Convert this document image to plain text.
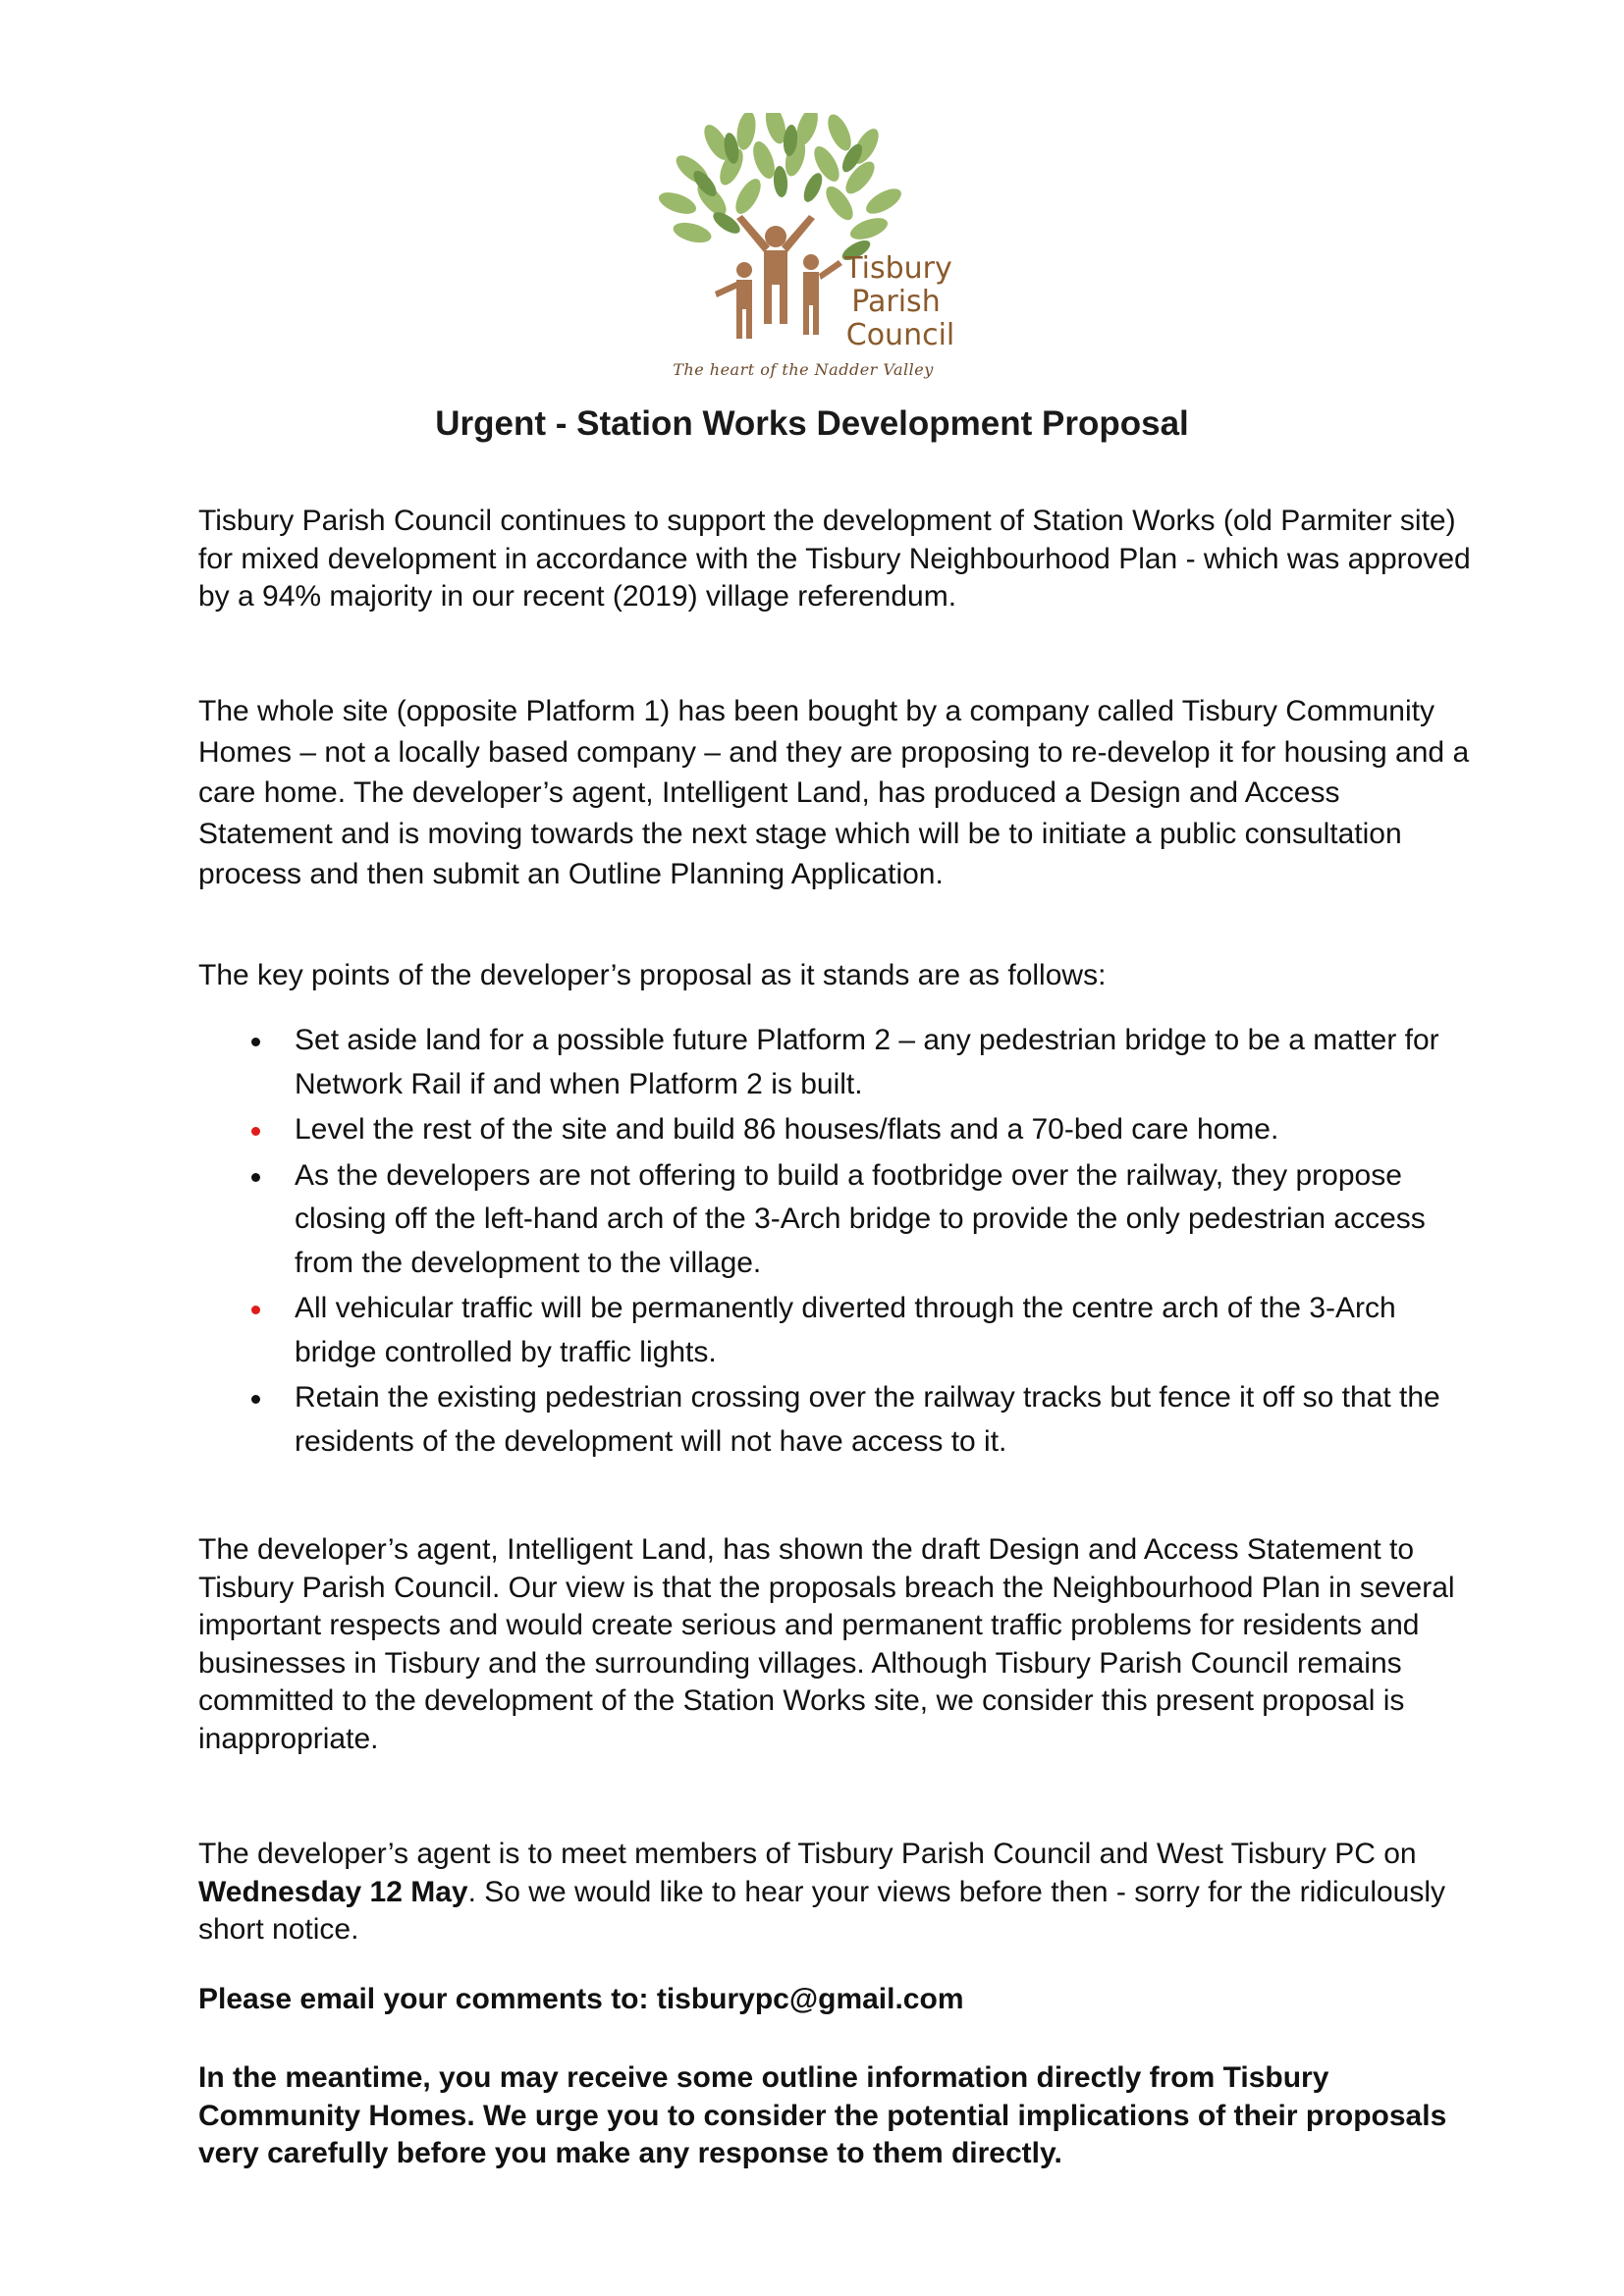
Tisbury
Parish
Council
The heart of the Nadder Valley
Urgent - Station Works Development Proposal

Tisbury Parish Council continues to support the development of Station Works (old Parmiter site) for mixed development in accordance with the Tisbury Neighbourhood Plan - which was approved by a 94% majority in our recent (2019) village referendum.

The whole site (opposite Platform 1) has been bought by a company called Tisbury Community Homes – not a locally based company – and they are proposing to re-develop it for housing and a care home. The developer’s agent, Intelligent Land, has produced a Design and Access Statement and is moving towards the next stage which will be to initiate a public consultation process and then submit an Outline Planning Application.

The key points of the developer’s proposal as it stands are as follows:

Set aside land for a possible future Platform 2 – any pedestrian bridge to be a matter for Network Rail if and when Platform 2 is built.
Level the rest of the site and build 86 houses/flats and a 70-bed care home.
As the developers are not offering to build a footbridge over the railway, they propose closing off the left-hand arch of the 3-Arch bridge to provide the only pedestrian access from the development to the village.
All vehicular traffic will be permanently diverted through the centre arch of the 3-Arch bridge controlled by traffic lights.
Retain the existing pedestrian crossing over the railway tracks but fence it off so that the residents of the development will not have access to it.

The developer’s agent, Intelligent Land, has shown the draft Design and Access Statement to Tisbury Parish Council. Our view is that the proposals breach the Neighbourhood Plan in several important respects and would create serious and permanent traffic problems for residents and businesses in Tisbury and the surrounding villages. Although Tisbury Parish Council remains committed to the development of the Station Works site, we consider this present proposal is inappropriate.

The developer’s agent is to meet members of Tisbury Parish Council and West Tisbury PC on Wednesday 12 May. So we would like to hear your views before then - sorry for the ridiculously short notice.

Please email your comments to: tisburypc@gmail.com

In the meantime, you may receive some outline information directly from Tisbury Community Homes. We urge you to consider the potential implications of their proposals very carefully before you make any response to them directly.
